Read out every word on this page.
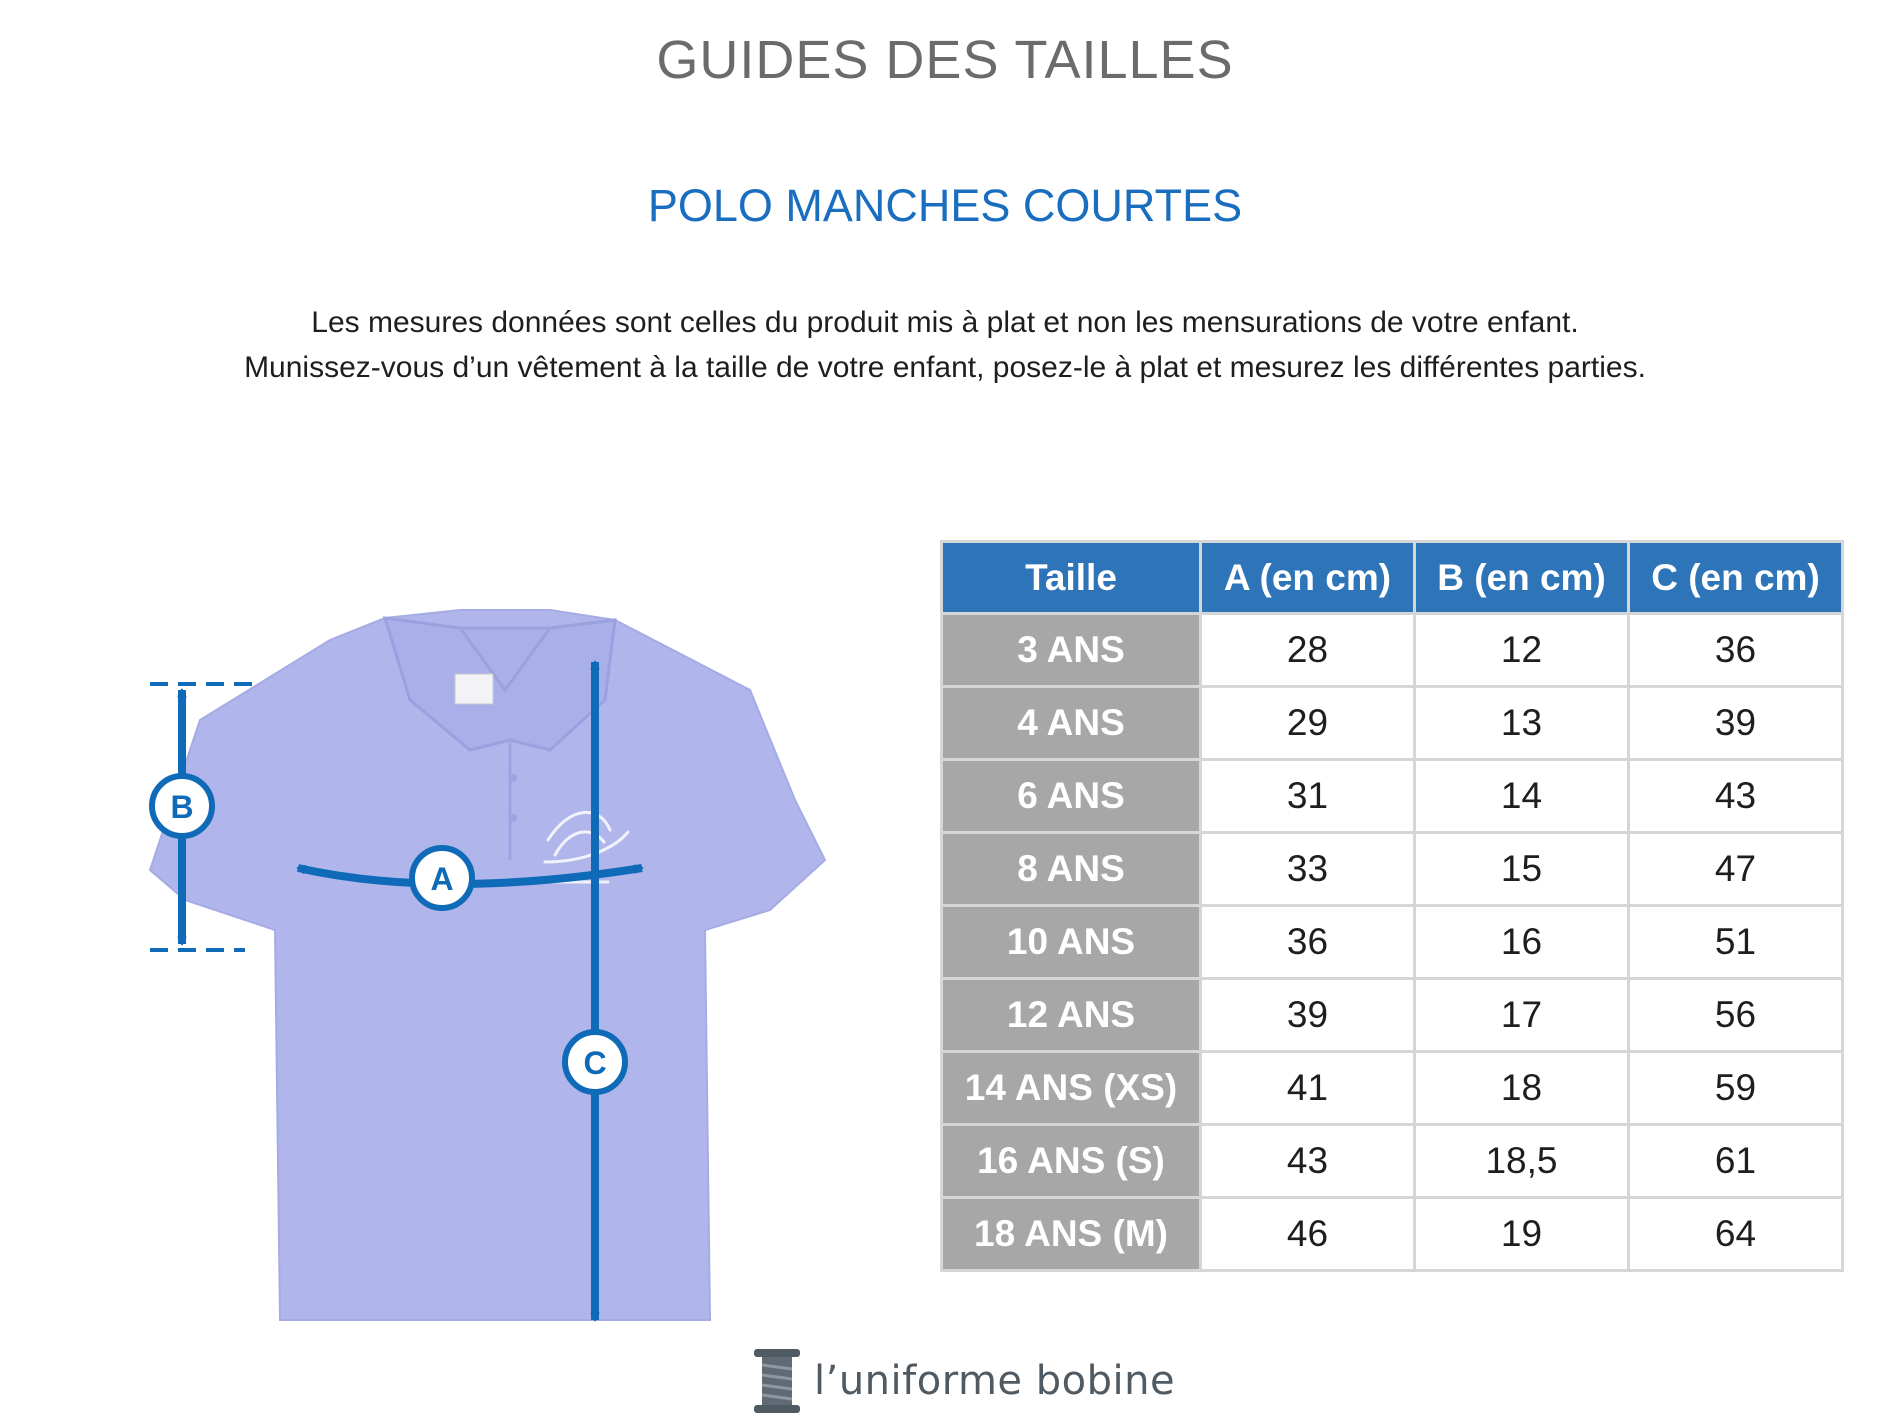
GUIDES DES TAILLES
POLO MANCHES COURTES
Les mesures données sont celles du produit mis à plat et non les mensurations de votre enfant.
Munissez-vous d’un vêtement à la taille de votre enfant, posez-le à plat et mesurez les différentes parties.
B
A
C
Taille	A (en cm)	B (en cm)	C (en cm)
3 ANS	28	12	36
4 ANS	29	13	39
6 ANS	31	14	43
8 ANS	33	15	47
10 ANS	36	16	51
12 ANS	39	17	56
14 ANS (XS)	41	18	59
16 ANS (S)	43	18,5	61
18 ANS (M)	46	19	64
l’uniforme bobine
